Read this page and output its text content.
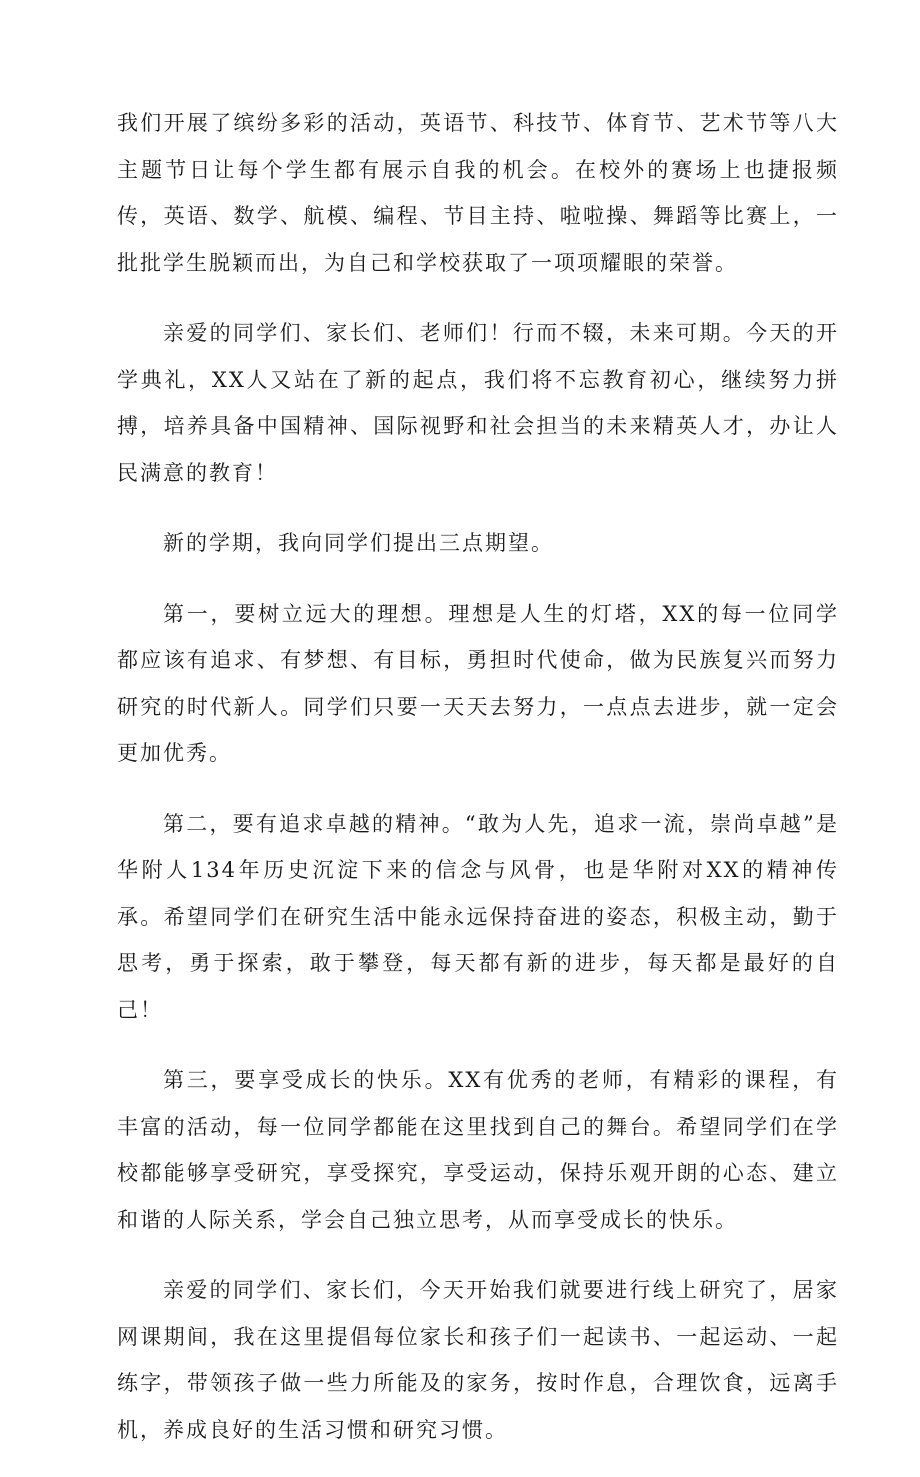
我们开展了缤纷多彩的活动，英语节、科技节、体育节、艺术节等八大主题节日让每个学生都有展示自我的机会。在校外的赛场上也捷报频传，英语、数学、航模、编程、节目主持、啦啦操、舞蹈等比赛上，一批批学生脱颖而出，为自己和学校获取了一项项耀眼的荣誉。

亲爱的同学们、家长们、老师们！行而不辍，未来可期。今天的开学典礼，XX人又站在了新的起点，我们将不忘教育初心，继续努力拼搏，培养具备中国精神、国际视野和社会担当的未来精英人才，办让人民满意的教育！

新的学期，我向同学们提出三点期望。

第一，要树立远大的理想。理想是人生的灯塔，XX的每一位同学都应该有追求、有梦想、有目标，勇担时代使命，做为民族复兴而努力研究的时代新人。同学们只要一天天去努力，一点点去进步，就一定会更加优秀。

第二，要有追求卓越的精神。“敢为人先，追求一流，崇尚卓越”是华附人134年历史沉淀下来的信念与风骨，也是华附对XX的精神传承。希望同学们在研究生活中能永远保持奋进的姿态，积极主动，勤于思考，勇于探索，敢于攀登，每天都有新的进步，每天都是最好的自己！

第三，要享受成长的快乐。XX有优秀的老师，有精彩的课程，有丰富的活动，每一位同学都能在这里找到自己的舞台。希望同学们在学校都能够享受研究，享受探究，享受运动，保持乐观开朗的心态、建立和谐的人际关系，学会自己独立思考，从而享受成长的快乐。

亲爱的同学们、家长们，今天开始我们就要进行线上研究了，居家网课期间，我在这里提倡每位家长和孩子们一起读书、一起运动、一起练字，带领孩子做一些力所能及的家务，按时作息，合理饮食，远离手机，养成良好的生活习惯和研究习惯。
